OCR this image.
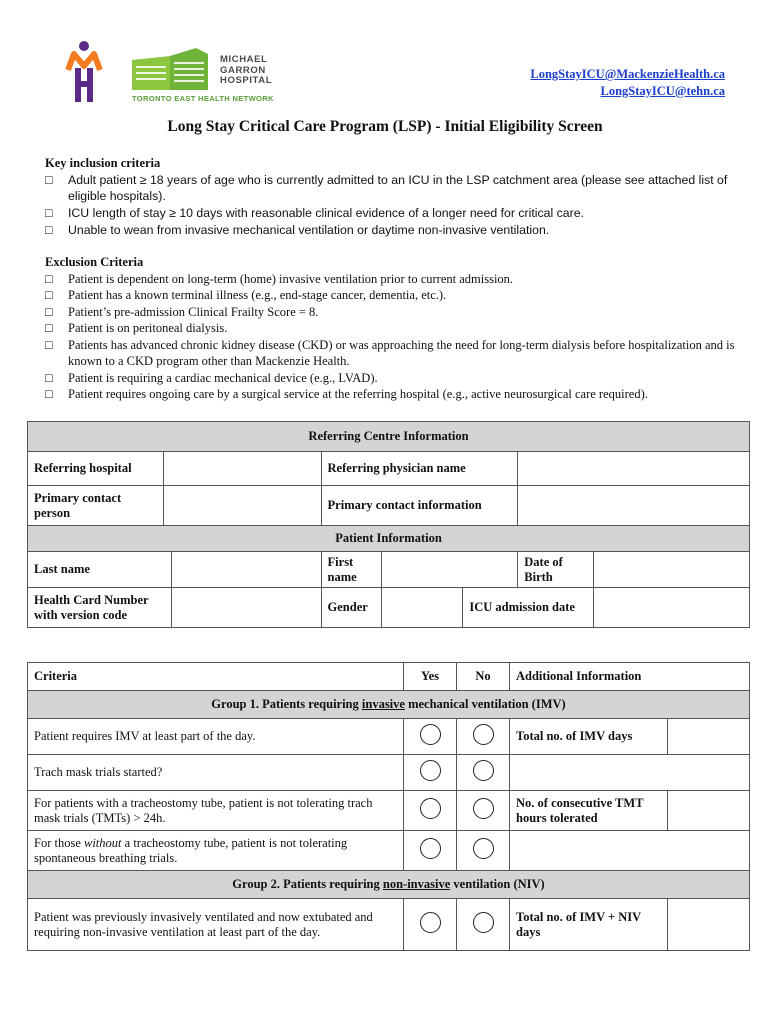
MICHAEL
GARRON
HOSPITAL
TORONTO EAST HEALTH NETWORK
LongStayICU@MackenzieHealth.ca
LongStayICU@tehn.ca
Long Stay Critical Care Program (LSP) - Initial Eligibility Screen
Key inclusion criteria
□ Adult patient ≥ 18 years of age who is currently admitted to an ICU in the LSP catchment area (please see attached list of eligible hospitals).
□ ICU length of stay ≥ 10 days with reasonable clinical evidence of a longer need for critical care.
□ Unable to wean from invasive mechanical ventilation or daytime non-invasive ventilation.
Exclusion Criteria
□ Patient is dependent on long-term (home) invasive ventilation prior to current admission.
□ Patient has a known terminal illness (e.g., end-stage cancer, dementia, etc.).
□ Patient’s pre-admission Clinical Frailty Score = 8.
□ Patient is on peritoneal dialysis.
□ Patients has advanced chronic kidney disease (CKD) or was approaching the need for long-term dialysis before hospitalization and is known to a CKD program other than Mackenzie Health.
□ Patient is requiring a cardiac mechanical device (e.g., LVAD).
□ Patient requires ongoing care by a surgical service at the referring hospital (e.g., active neurosurgical care required).
Referring Centre Information							
Referring hospital			Referring physician name				
Primary contact person			Primary contact information				
Patient Information							
Last name			First name			Date of Birth	
Health Card Number with version code			Gender		ICU admission date		
Criteria	Yes	No	Additional Information	
Group 1. Patients requiring invasive mechanical ventilation (IMV)				
Patient requires IMV at least part of the day.			Total no. of IMV days	
Trach mask trials started?				
For patients with a tracheostomy tube, patient is not tolerating trach mask trials (TMTs) > 24h.			No. of consecutive TMT hours tolerated	
For those without a tracheostomy tube, patient is not tolerating spontaneous breathing trials.				
Group 2. Patients requiring non-invasive ventilation (NIV)				
Patient was previously invasively ventilated and now extubated and requiring non-invasive ventilation at least part of the day.			Total no. of IMV + NIV days	
